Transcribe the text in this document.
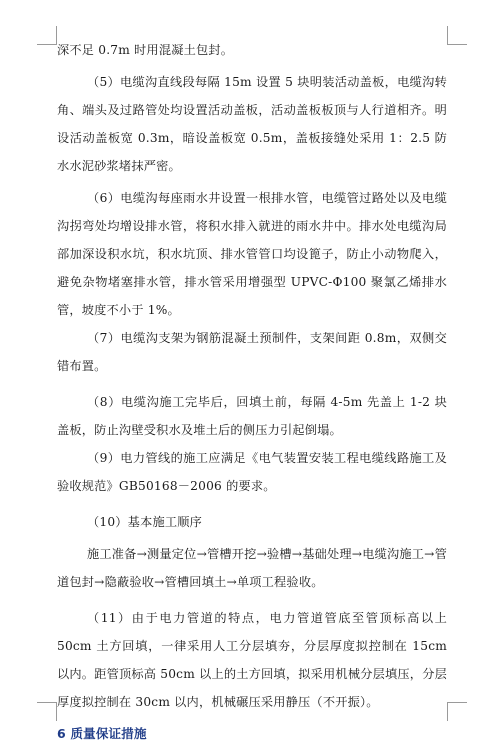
深不足 0.7m 时用混凝土包封。

（5）电缆沟直线段每隔 15m 设置 5 块明装活动盖板，电缆沟转角、端头及过路管处均设置活动盖板，活动盖板板顶与人行道相齐。明设活动盖板宽 0.3m，暗设盖板宽 0.5m，盖板接缝处采用 1：2.5 防水水泥砂浆堵抹严密。

（6）电缆沟每座雨水井设置一根排水管，电缆管过路处以及电缆沟拐弯处均增设排水管，将积水排入就进的雨水井中。排水处电缆沟局部加深设积水坑，积水坑顶、排水管管口均设篦子，防止小动物爬入，避免杂物堵塞排水管，排水管采用增强型 UPVC-Φ100 聚氯乙烯排水管，坡度不小于 1%。

（7）电缆沟支架为钢筋混凝土预制件，支架间距 0.8m，双侧交错布置。

（8）电缆沟施工完毕后，回填土前，每隔 4-5m 先盖上 1-2 块盖板，防止沟壁受积水及堆土后的侧压力引起倒塌。

（9）电力管线的施工应满足《电气装置安装工程电缆线路施工及验收规范》GB50168－2006 的要求。

（10）基本施工顺序

施工准备→测量定位→管槽开挖→验槽→基础处理→电缆沟施工→管道包封→隐蔽验收→管槽回填土→单项工程验收。

（11）由于电力管道的特点，电力管道管底至管顶标高以上 50cm 土方回填，一律采用人工分层填夯，分层厚度拟控制在 15cm 以内。距管顶标高 50cm 以上的土方回填，拟采用机械分层填压，分层厚度拟控制在 30cm 以内，机械碾压采用静压（不开振）。

6 质量保证措施
